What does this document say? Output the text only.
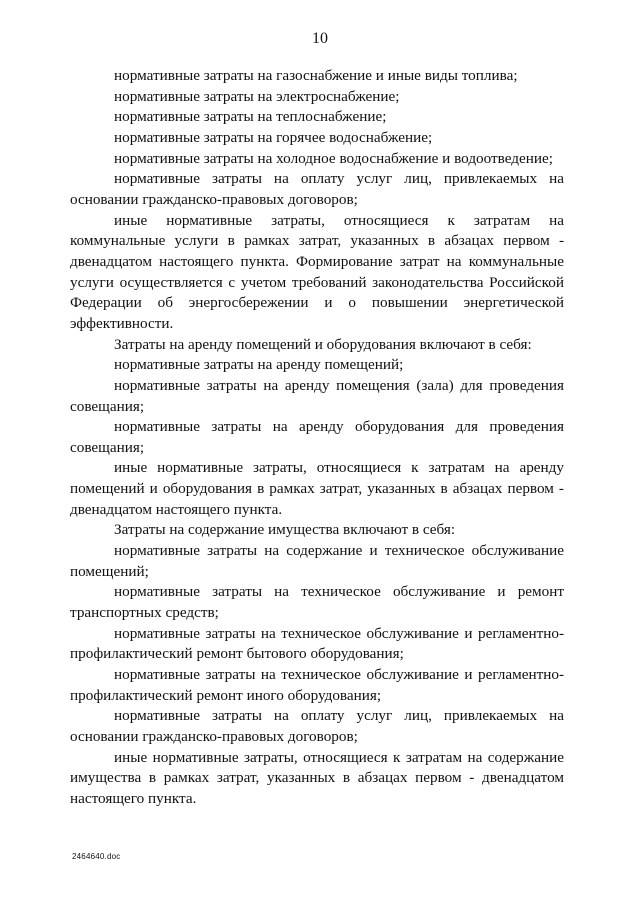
10

нормативные затраты на газоснабжение и иные виды топлива;

нормативные затраты на электроснабжение;

нормативные затраты на теплоснабжение;

нормативные затраты на горячее водоснабжение;

нормативные затраты на холодное водоснабжение и водоотведение;

нормативные затраты на оплату услуг лиц, привлекаемых на основании гражданско-правовых договоров;

иные нормативные затраты, относящиеся к затратам на коммунальные услуги в рамках затрат, указанных в абзацах первом - двенадцатом настоящего пункта. Формирование затрат на коммунальные услуги осуществляется с учетом требований законодательства Российской Федерации об энергосбережении и о повышении энергетической эффективности.

Затраты на аренду помещений и оборудования включают в себя:

нормативные затраты на аренду помещений;

нормативные затраты на аренду помещения (зала) для проведения совещания;

нормативные затраты на аренду оборудования для проведения совещания;

иные нормативные затраты, относящиеся к затратам на аренду помещений и оборудования в рамках затрат, указанных в абзацах первом - двенадцатом настоящего пункта.

Затраты на содержание имущества включают в себя:

нормативные затраты на содержание и техническое обслуживание помещений;

нормативные затраты на техническое обслуживание и ремонт транспортных средств;

нормативные затраты на техническое обслуживание и регламентно-профилактический ремонт бытового оборудования;

нормативные затраты на техническое обслуживание и регламентно-профилактический ремонт иного оборудования;

нормативные затраты на оплату услуг лиц, привлекаемых на основании гражданско-правовых договоров;

иные нормативные затраты, относящиеся к затратам на содержание имущества в рамках затрат, указанных в абзацах первом - двенадцатом настоящего пункта.

2464640.doc
